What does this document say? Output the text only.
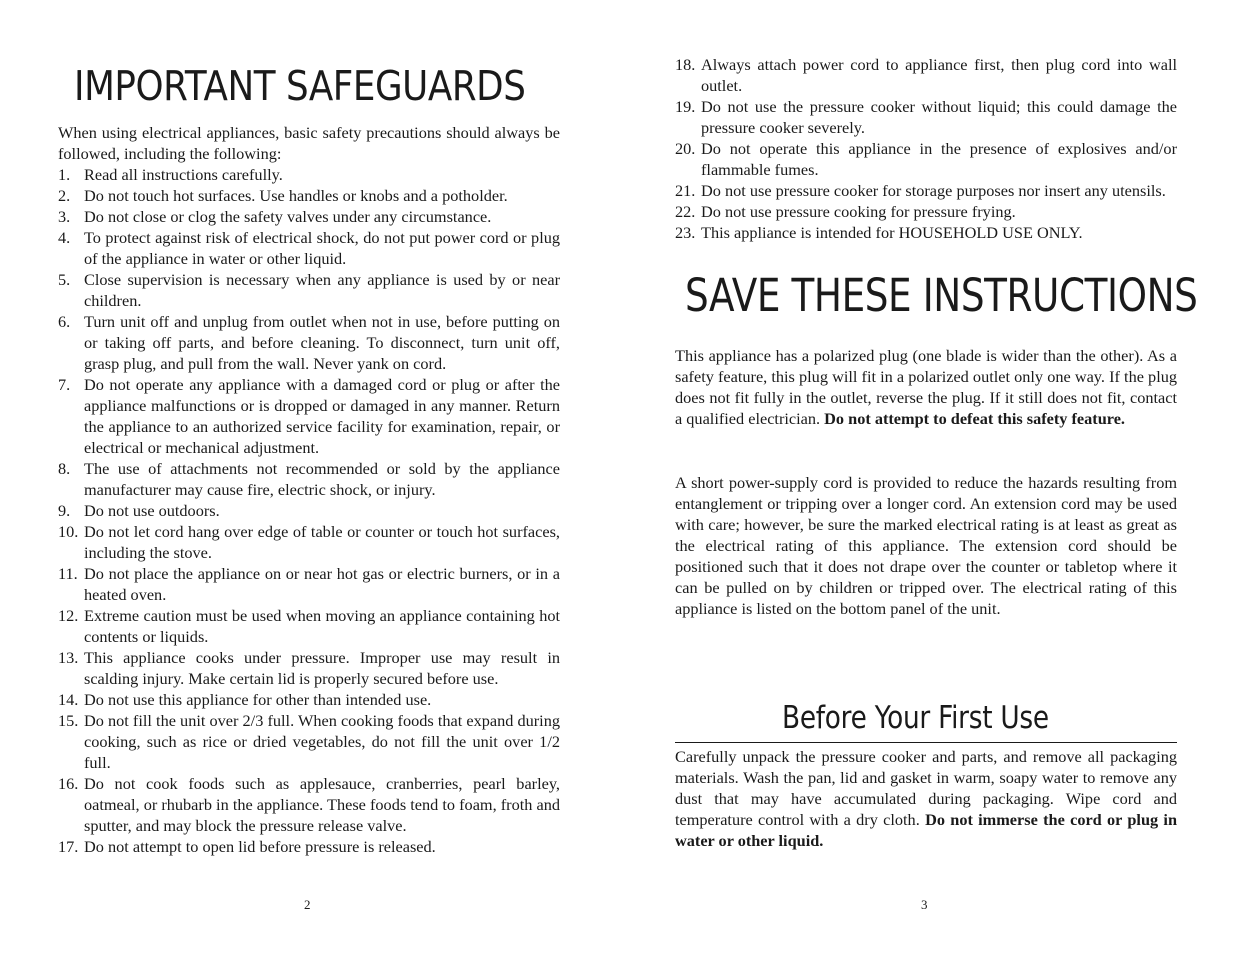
IMPORTANT SAFEGUARDS
When using electrical appliances, basic safety precautions should always be followed, including the following:
1. Read all instructions carefully.
2. Do not touch hot surfaces. Use handles or knobs and a potholder.
3. Do not close or clog the safety valves under any circumstance.
4. To protect against risk of electrical shock, do not put power cord or plug of the appliance in water or other liquid.
5. Close supervision is necessary when any appliance is used by or near children.
6. Turn unit off and unplug from outlet when not in use, before putting on or taking off parts, and before cleaning. To disconnect, turn unit off, grasp plug, and pull from the wall. Never yank on cord.
7. Do not operate any appliance with a damaged cord or plug or after the appliance malfunctions or is dropped or damaged in any manner. Return the appliance to an authorized service facility for examination, repair, or electrical or mechanical adjustment.
8. The use of attachments not recommended or sold by the appliance manufacturer may cause fire, electric shock, or injury.
9. Do not use outdoors.
10. Do not let cord hang over edge of table or counter or touch hot surfaces, including the stove.
11. Do not place the appliance on or near hot gas or electric burners, or in a heated oven.
12. Extreme caution must be used when moving an appliance containing hot contents or liquids.
13. This appliance cooks under pressure. Improper use may result in scalding injury. Make certain lid is properly secured before use.
14. Do not use this appliance for other than intended use.
15. Do not fill the unit over 2/3 full. When cooking foods that expand during cooking, such as rice or dried vegetables, do not fill the unit over 1/2 full.
16. Do not cook foods such as applesauce, cranberries, pearl barley, oatmeal, or rhubarb in the appliance. These foods tend to foam, froth and sputter, and may block the pressure release valve.
17. Do not attempt to open lid before pressure is released.
2
18. Always attach power cord to appliance first, then plug cord into wall outlet.
19. Do not use the pressure cooker without liquid; this could damage the pressure cooker severely.
20. Do not operate this appliance in the presence of explosives and/or flammable fumes.
21. Do not use pressure cooker for storage purposes nor insert any utensils.
22. Do not use pressure cooking for pressure frying.
23. This appliance is intended for HOUSEHOLD USE ONLY.
SAVE THESE INSTRUCTIONS
This appliance has a polarized plug (one blade is wider than the other). As a safety feature, this plug will fit in a polarized outlet only one way. If the plug does not fit fully in the outlet, reverse the plug. If it still does not fit, contact a qualified electrician. Do not attempt to defeat this safety feature.
A short power-supply cord is provided to reduce the hazards resulting from entanglement or tripping over a longer cord. An extension cord may be used with care; however, be sure the marked electrical rating is at least as great as the electrical rating of this appliance. The extension cord should be positioned such that it does not drape over the counter or tabletop where it can be pulled on by children or tripped over. The electrical rating of this appliance is listed on the bottom panel of the unit.
Before Your First Use
Carefully unpack the pressure cooker and parts, and remove all packaging materials. Wash the pan, lid and gasket in warm, soapy water to remove any dust that may have accumulated during packaging. Wipe cord and temperature control with a dry cloth. Do not immerse the cord or plug in water or other liquid.
3
